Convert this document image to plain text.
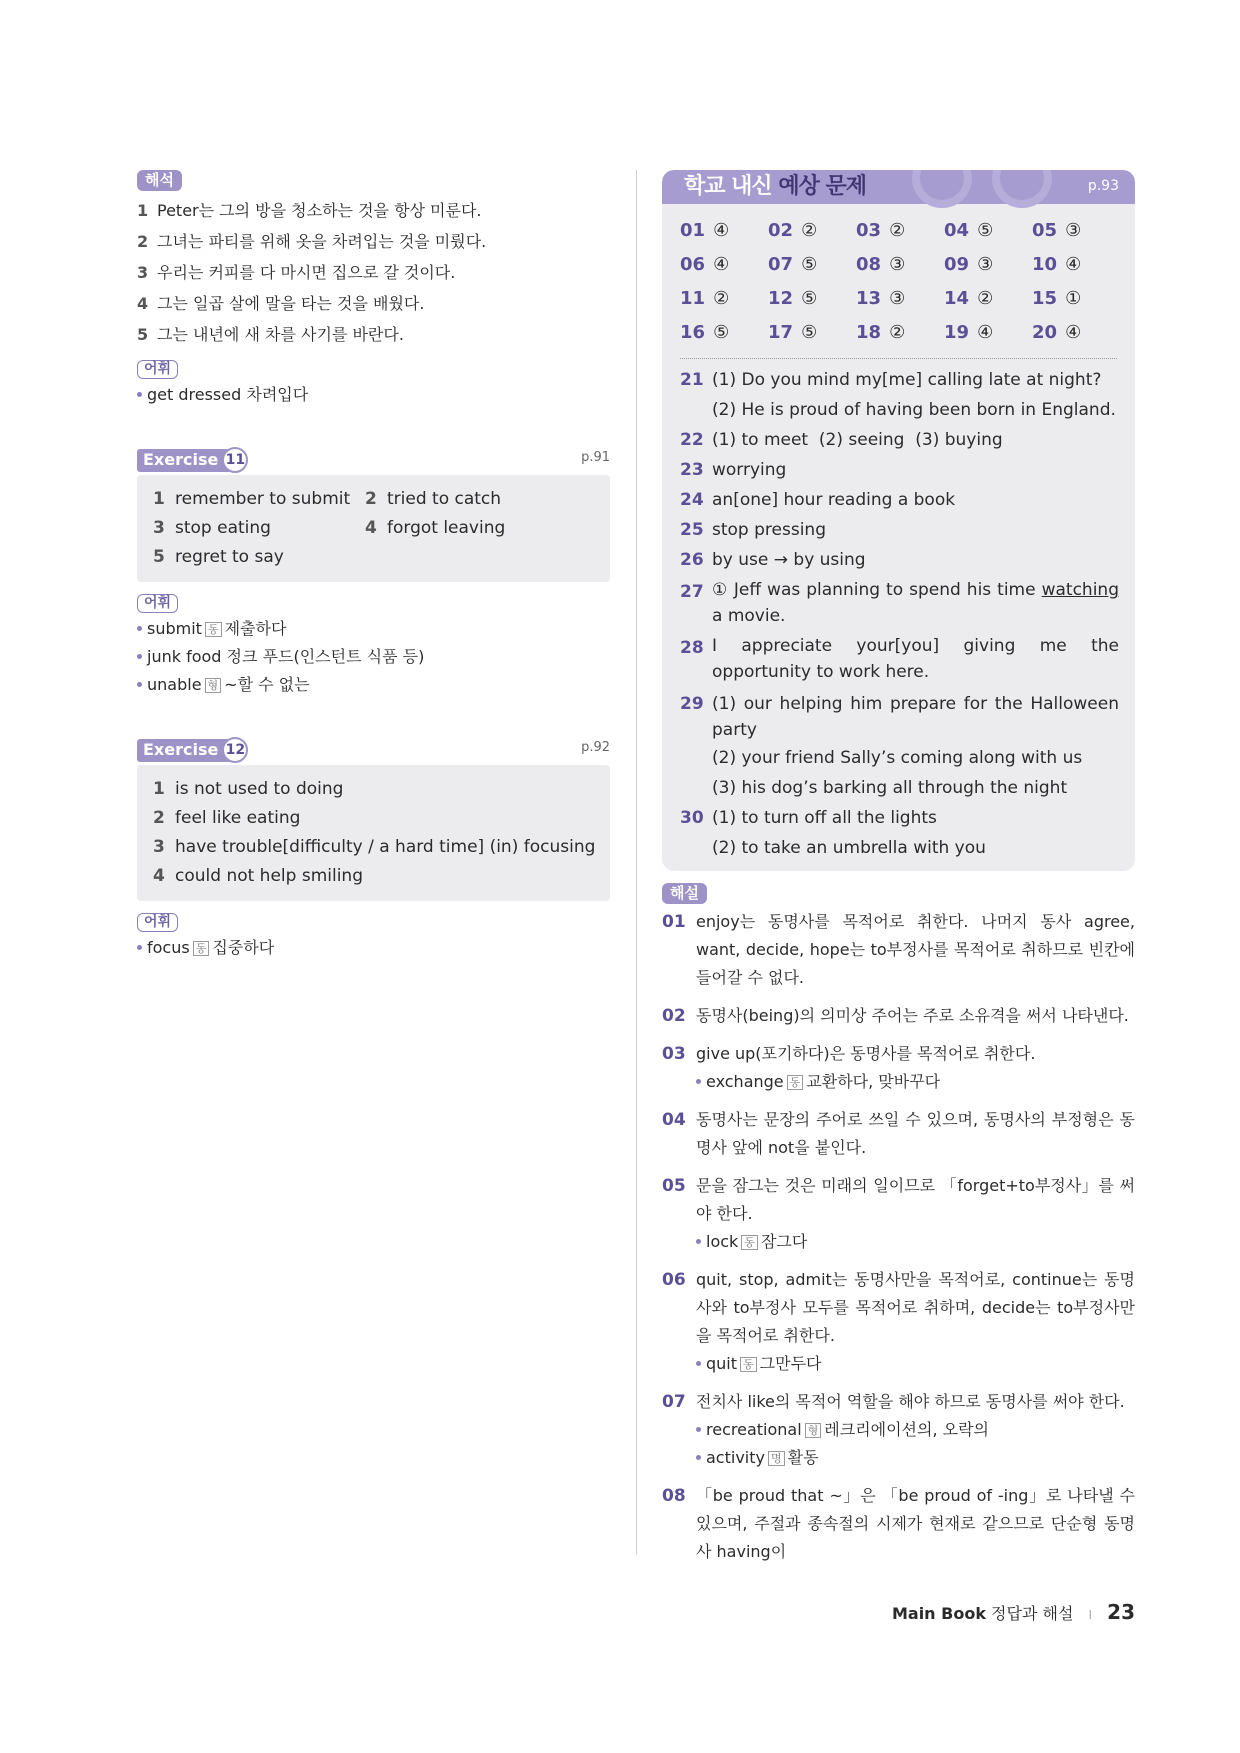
해석
1 Peter는 그의 방을 청소하는 것을 항상 미룬다.
2 그녀는 파티를 위해 옷을 차려입는 것을 미뤘다.
3 우리는 커피를 다 마시면 집으로 갈 것이다.
4 그는 일곱 살에 말을 타는 것을 배웠다.
5 그는 내년에 새 차를 사기를 바란다.
어휘
get dressed 차려입다
Exercise 11	p.91
1 remember to submit 2 tried to catch
3 stop eating	4 forgot leaving
5 regret to say
어휘
submit 동 제출하다
junk food 정크 푸드(인스턴트 식품 등)
unable 형 ~할 수 없는
Exercise 12	p.92
1 is not used to doing
2 feel like eating
3 have trouble[difficulty / a hard time] (in) focusing
4 could not help smiling
어휘
focus 동 집중하다
학교 내신 예상 문제	p.93
01 ④	02 ②	03 ②	04 ⑤	05 ③
06 ④	07 ⑤	08 ③	09 ③	10 ④
11 ②	12 ⑤	13 ③	14 ②	15 ①
16 ⑤	17 ⑤	18 ②	19 ④	20 ④
21 (1) Do you mind my[me] calling late at night?
(2) He is proud of having been born in England.
22 (1) to meet  (2) seeing  (3) buying
23 worrying
24 an[one] hour reading a book
25 stop pressing
26 by use → by using
27 ① Jeff was planning to spend his time watching a movie.
28 I appreciate your[you] giving me the opportunity to work here.
29 (1) our helping him prepare for the Halloween party
(2) your friend Sally’s coming along with us
(3) his dog’s barking all through the night
30 (1) to turn off all the lights
(2) to take an umbrella with you
해설
01 enjoy는 동명사를 목적어로 취한다. 나머지 동사 agree, want, decide, hope는 to부정사를 목적어로 취하므로 빈칸에 들어갈 수 없다.
02 동명사(being)의 의미상 주어는 주로 소유격을 써서 나타낸다.
03 give up(포기하다)은 동명사를 목적어로 취한다.
exchange 동 교환하다, 맞바꾸다
04 동명사는 문장의 주어로 쓰일 수 있으며, 동명사의 부정형은 동명사 앞에 not을 붙인다.
05 문을 잠그는 것은 미래의 일이므로 「forget+to부정사」를 써야 한다.
lock 동 잠그다
06 quit, stop, admit는 동명사만을 목적어로, continue는 동명사와 to부정사 모두를 목적어로 취하며, decide는 to부정사만을 목적어로 취한다.
quit 동 그만두다
07 전치사 like의 목적어 역할을 해야 하므로 동명사를 써야 한다.
recreational 형 레크리에이션의, 오락의
activity 명 활동
08 「be proud that ~」은 「be proud of -ing」로 나타낼 수 있으며, 주절과 종속절의 시제가 현재로 같으므로 단순형 동명사 having이
Main Book 정답과 해설 I 23
